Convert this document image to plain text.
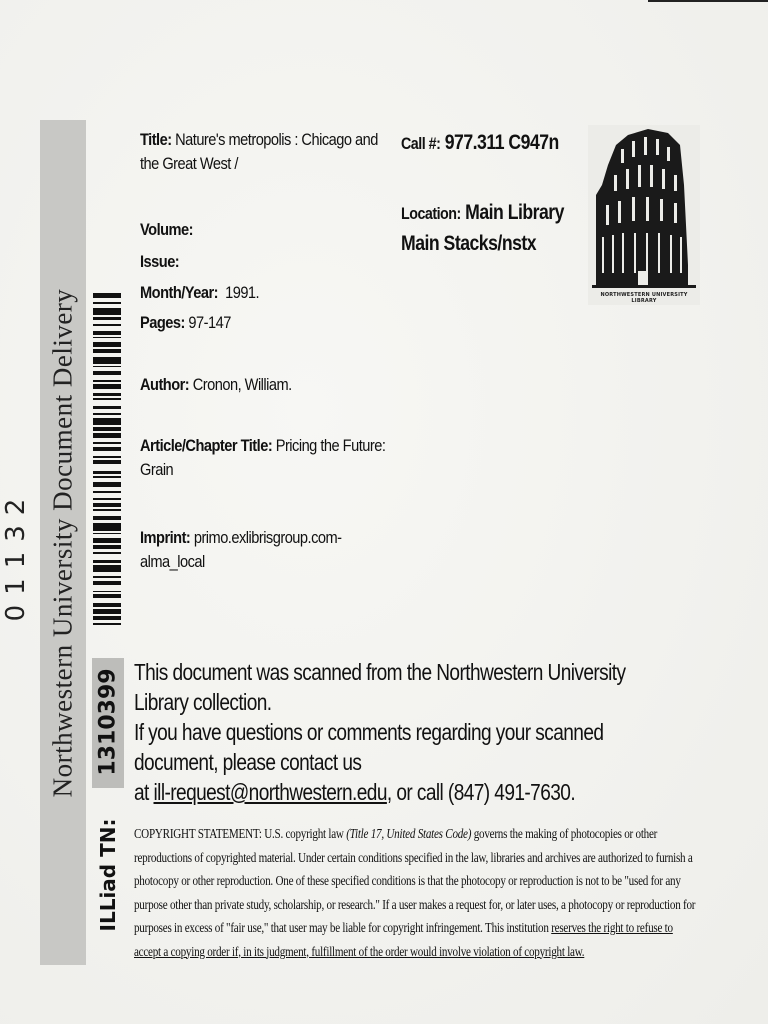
01132 Northwestern University Document Delivery 1310399
ILLiad TN:
Title: Nature's metropolis : Chicago and
the Great West /
Volume:
Issue:
Month/Year: 1991.
Pages: 97-147
Author: Cronon, William.
Article/Chapter Title: Pricing the Future:
Grain
Imprint: primo.exlibrisgroup.com-
alma_local
Call #: 977.311 C947n
Location: Main Library
Main Stacks/nstx
NORTHWESTERN UNIVERSITY LIBRARY
This document was scanned from the Northwestern University Library collection.
If you have questions or comments regarding your scanned document, please contact us
at ill-request@northwestern.edu, or call (847) 491-7630.
COPYRIGHT STATEMENT: U.S. copyright law (Title 17, United States Code) governs the making of photocopies or other reproductions of copyrighted material. Under certain conditions specified in the law, libraries and archives are authorized to furnish a photocopy or other reproduction. One of these specified conditions is that the photocopy or reproduction is not to be "used for any purpose other than private study, scholarship, or research." If a user makes a request for, or later uses, a photocopy or reproduction for purposes in excess of "fair use," that user may be liable for copyright infringement. This institution reserves the right to refuse to accept a copying order if, in its judgment, fulfillment of the order would involve violation of copyright law.
